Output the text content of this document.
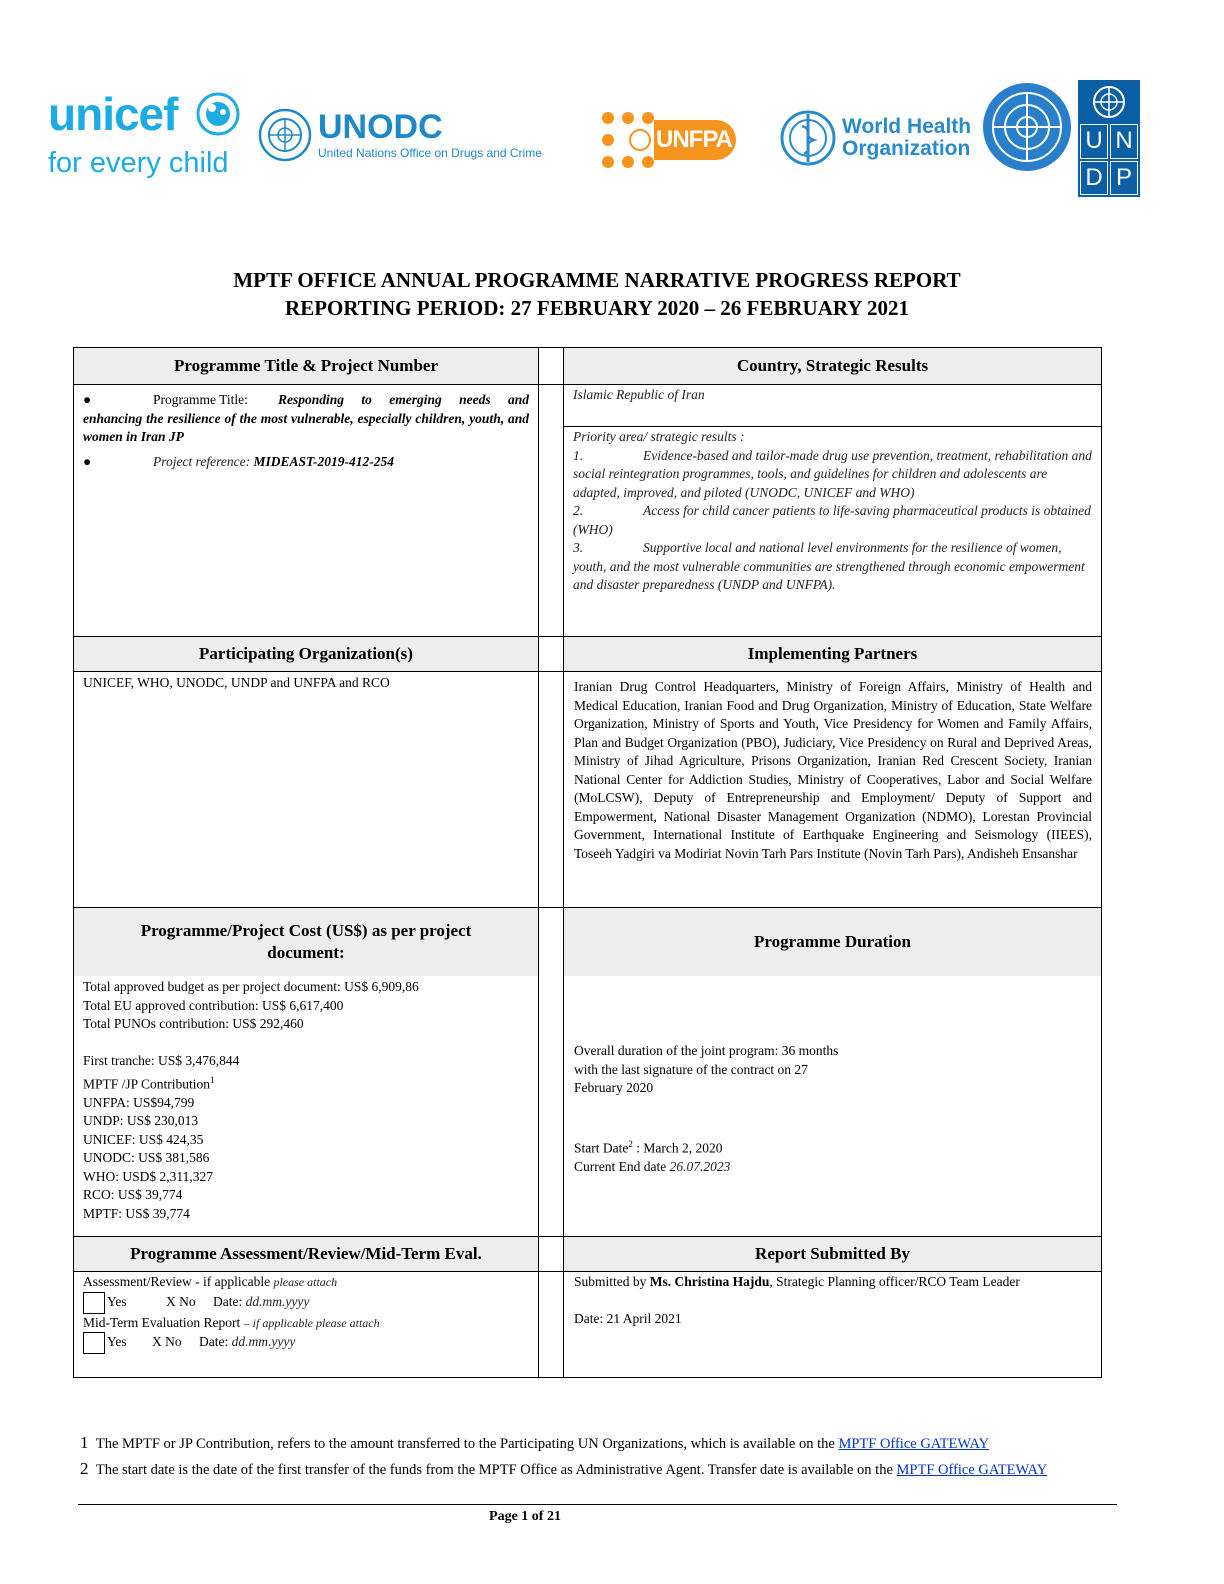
unicef
for every child
UNODC
United Nations Office on Drugs and Crime	UNFPA	World Health
Organization	U N
D P
MPTF OFFICE ANNUAL PROGRAMME NARRATIVE PROGRESS REPORT
REPORTING PERIOD: 27 FEBRUARY 2020 – 26 FEBRUARY 2021
Programme Title & Project Number	Country, Strategic Results
●	Programme Title:	Responding to emerging needs and enhancing the resilience of the most vulnerable, especially children, youth, and women in Iran JP
●	Project reference:
MIDEAST-2019-412-254
Islamic Republic of Iran
Priority area/ strategic results :
1.	Evidence-based and tailor-made drug use prevention, treatment, rehabilitation and social reintegration programmes, tools, and guidelines for children and adolescents are adapted, improved, and piloted (UNODC, UNICEF and WHO)
2.	Access for child cancer patients to life-saving pharmaceutical products is obtained (WHO)
3.	Supportive local and national level environments for the resilience of women, youth, and the most vulnerable communities are strengthened through economic empowerment and disaster preparedness (UNDP and UNFPA).
Participating Organization(s)	Implementing Partners
UNICEF, WHO, UNODC, UNDP and UNFPA and RCO	Iranian Drug Control Headquarters, Ministry of Foreign Affairs, Ministry of Health and Medical Education, Iranian Food and Drug Organization, Ministry of Education, State Welfare Organization, Ministry of Sports and Youth, Vice Presidency for Women and Family Affairs, Plan and Budget Organization (PBO), Judiciary, Vice Presidency on Rural and Deprived Areas, Ministry of Jihad Agriculture, Prisons Organization, Iranian Red Crescent Society, Iranian National Center for Addiction Studies, Ministry of Cooperatives, Labor and Social Welfare (MoLCSW), Deputy of Entrepreneurship and Employment/ Deputy of Support and Empowerment, National Disaster Management Organization (NDMO), Lorestan Provincial Government, International Institute of Earthquake Engineering and Seismology (IIEES), Toseeh Yadgiri va Modiriat Novin Tarh Pars Institute (Novin Tarh Pars), Andisheh Ensanshar
Programme/Project Cost (US$) as per project document:
Programme Duration
Total approved budget as per project document: US$ 6,909,86
Total EU approved contribution: US$ 6,617,400
Total PUNOs contribution: US$ 292,460
First tranche: US$ 3,476,844
MPTF /JP Contribution$^1$
UNFPA: US$94,799
UNDP: US$ 230,013
UNICEF: US$ 424,35
UNODC: US$ 381,586
WHO: USD$ 2,311,327
RCO: US$ 39,774
MPTF: US$ 39,774
Overall duration of the joint program: 36 months
with the last signature of the contract on 27
February 2020
Start Date$^2$ : March 2, 2020
Current End date 26.07.2023
Programme Assessment/Review/Mid-Term Eval.	Report Submitted By
Assessment/Review - if applicable please attach
Yes	X No Date: dd.mm.yyyy
Mid-Term Evaluation Report – if applicable please attach
Yes X No Date: dd.mm.yyyy
Submitted by Ms. Christina Hajdu, Strategic Planning officer/RCO Team Leader
Date: 21 April 2021
1 The MPTF or JP Contribution, refers to the amount transferred to the Participating UN Organizations, which is available on the MPTF Office GATEWAY
2 The start date is the date of the first transfer of the funds from the MPTF Office as Administrative Agent. Transfer date is available on the MPTF Office GATEWAY
Page 1 of 21
